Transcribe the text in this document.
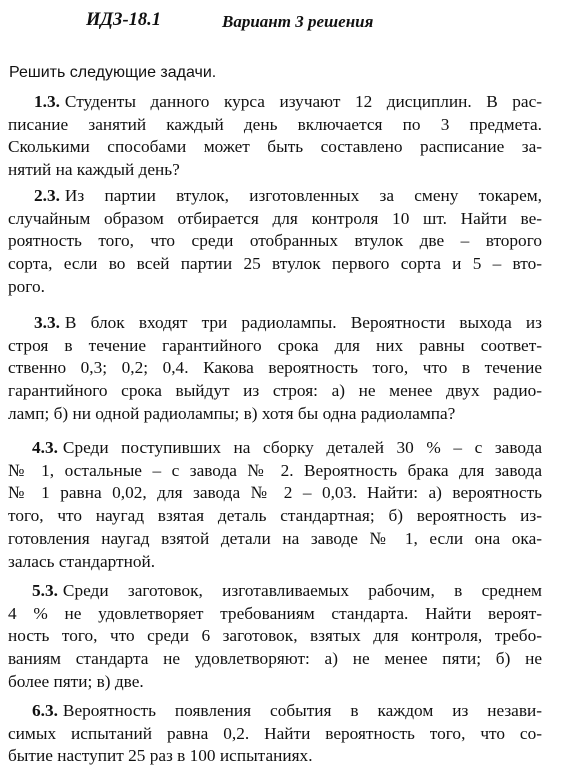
ИДЗ-18.1	Вариант 3 решения
Решить следующие задачи.
1.3. Студенты данного курса изучают 12 дисциплин. В рас-
писание занятий каждый день включается по 3 предмета.
Сколькими способами может быть составлено расписание за-
нятий на каждый день?
2.3. Из партии втулок, изготовленных за смену токарем,
случайным образом отбирается для контроля 10 шт. Найти ве-
роятность того, что среди отобранных втулок две – второго
сорта, если во всей партии 25 втулок первого сорта и 5 – вто-
рого.
3.3. В блок входят три радиолампы. Вероятности выхода из
строя в течение гарантийного срока для них равны соответ-
ственно 0,3; 0,2; 0,4. Какова вероятность того, что в течение
гарантийного срока выйдут из строя: а) не менее двух радио-
ламп; б) ни одной радиолампы; в) хотя бы одна радиолампа?
4.3. Среди поступивших на сборку деталей 30 % – с завода
№ 1, остальные – с завода № 2. Вероятность брака для завода
№ 1 равна 0,02, для завода № 2 – 0,03. Найти: а) вероятность
того, что наугад взятая деталь стандартная; б) вероятность из-
готовления наугад взятой детали на заводе № 1, если она ока-
залась стандартной.
5.3. Среди заготовок, изготавливаемых рабочим, в среднем
4 % не удовлетворяет требованиям стандарта. Найти вероят-
ность того, что среди 6 заготовок, взятых для контроля, требо-
ваниям стандарта не удовлетворяют: а) не менее пяти; б) не
более пяти; в) две.
6.3. Вероятность появления события в каждом из незави-
симых испытаний равна 0,2. Найти вероятность того, что со-
бытие наступит 25 раз в 100 испытаниях.
